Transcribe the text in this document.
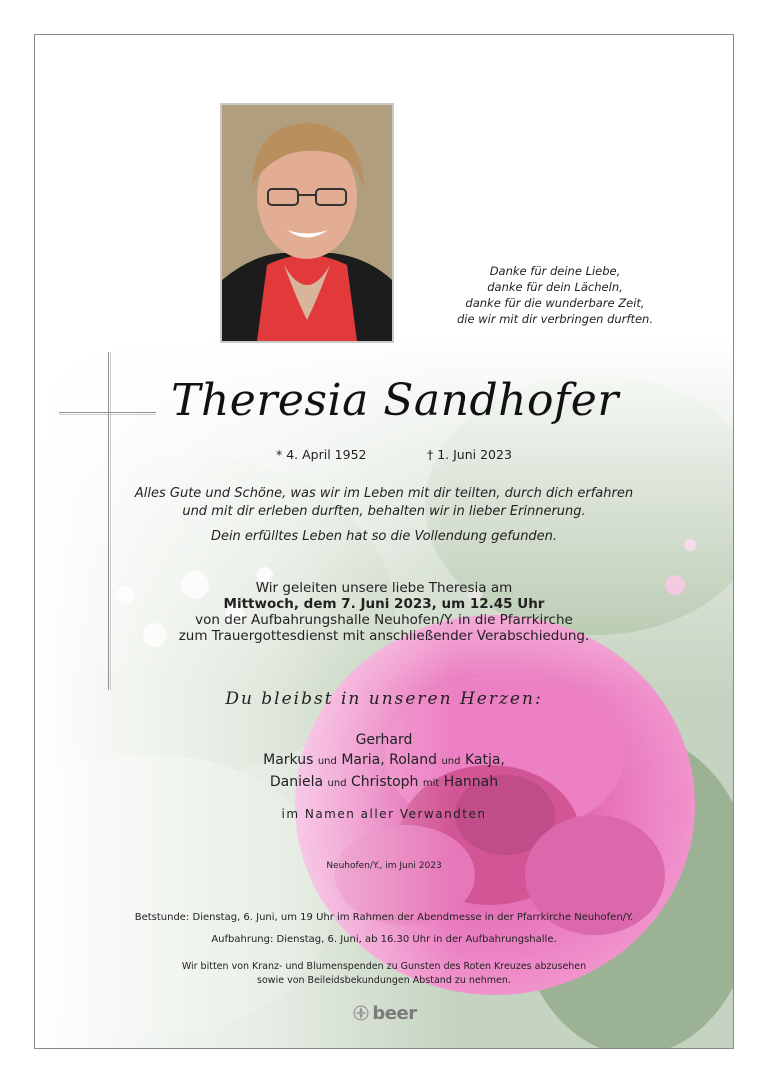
Danke für deine Liebe,
danke für dein Lächeln,
danke für die wunderbare Zeit,
die wir mit dir verbringen durften.
Theresia Sandhofer
* 4. April 1952	† 1. Juni 2023
Alles Gute und Schöne, was wir im Leben mit dir teilten, durch dich erfahren
und mit dir erleben durften, behalten wir in lieber Erinnerung.
Dein erfülltes Leben hat so die Vollendung gefunden.
Wir geleiten unsere liebe Theresia am
Mittwoch, dem 7. Juni 2023, um 12.45 Uhr
von der Aufbahrungshalle Neuhofen/Y. in die Pfarrkirche
zum Trauergottesdienst mit anschließender Verabschiedung.
Du bleibst in unseren Herzen:
Gerhard
Markus und Maria, Roland und Katja,
Daniela und Christoph mit Hannah
im Namen aller Verwandten
Neuhofen/Y., im Juni 2023
Betstunde: Dienstag, 6. Juni, um 19 Uhr im Rahmen der Abendmesse in der Pfarrkirche Neuhofen/Y.
Aufbahrung: Dienstag, 6. Juni, ab 16.30 Uhr in der Aufbahrungshalle.
Wir bitten von Kranz- und Blumenspenden zu Gunsten des Roten Kreuzes abzusehen
sowie von Beileidsbekundungen Abstand zu nehmen.
beer
